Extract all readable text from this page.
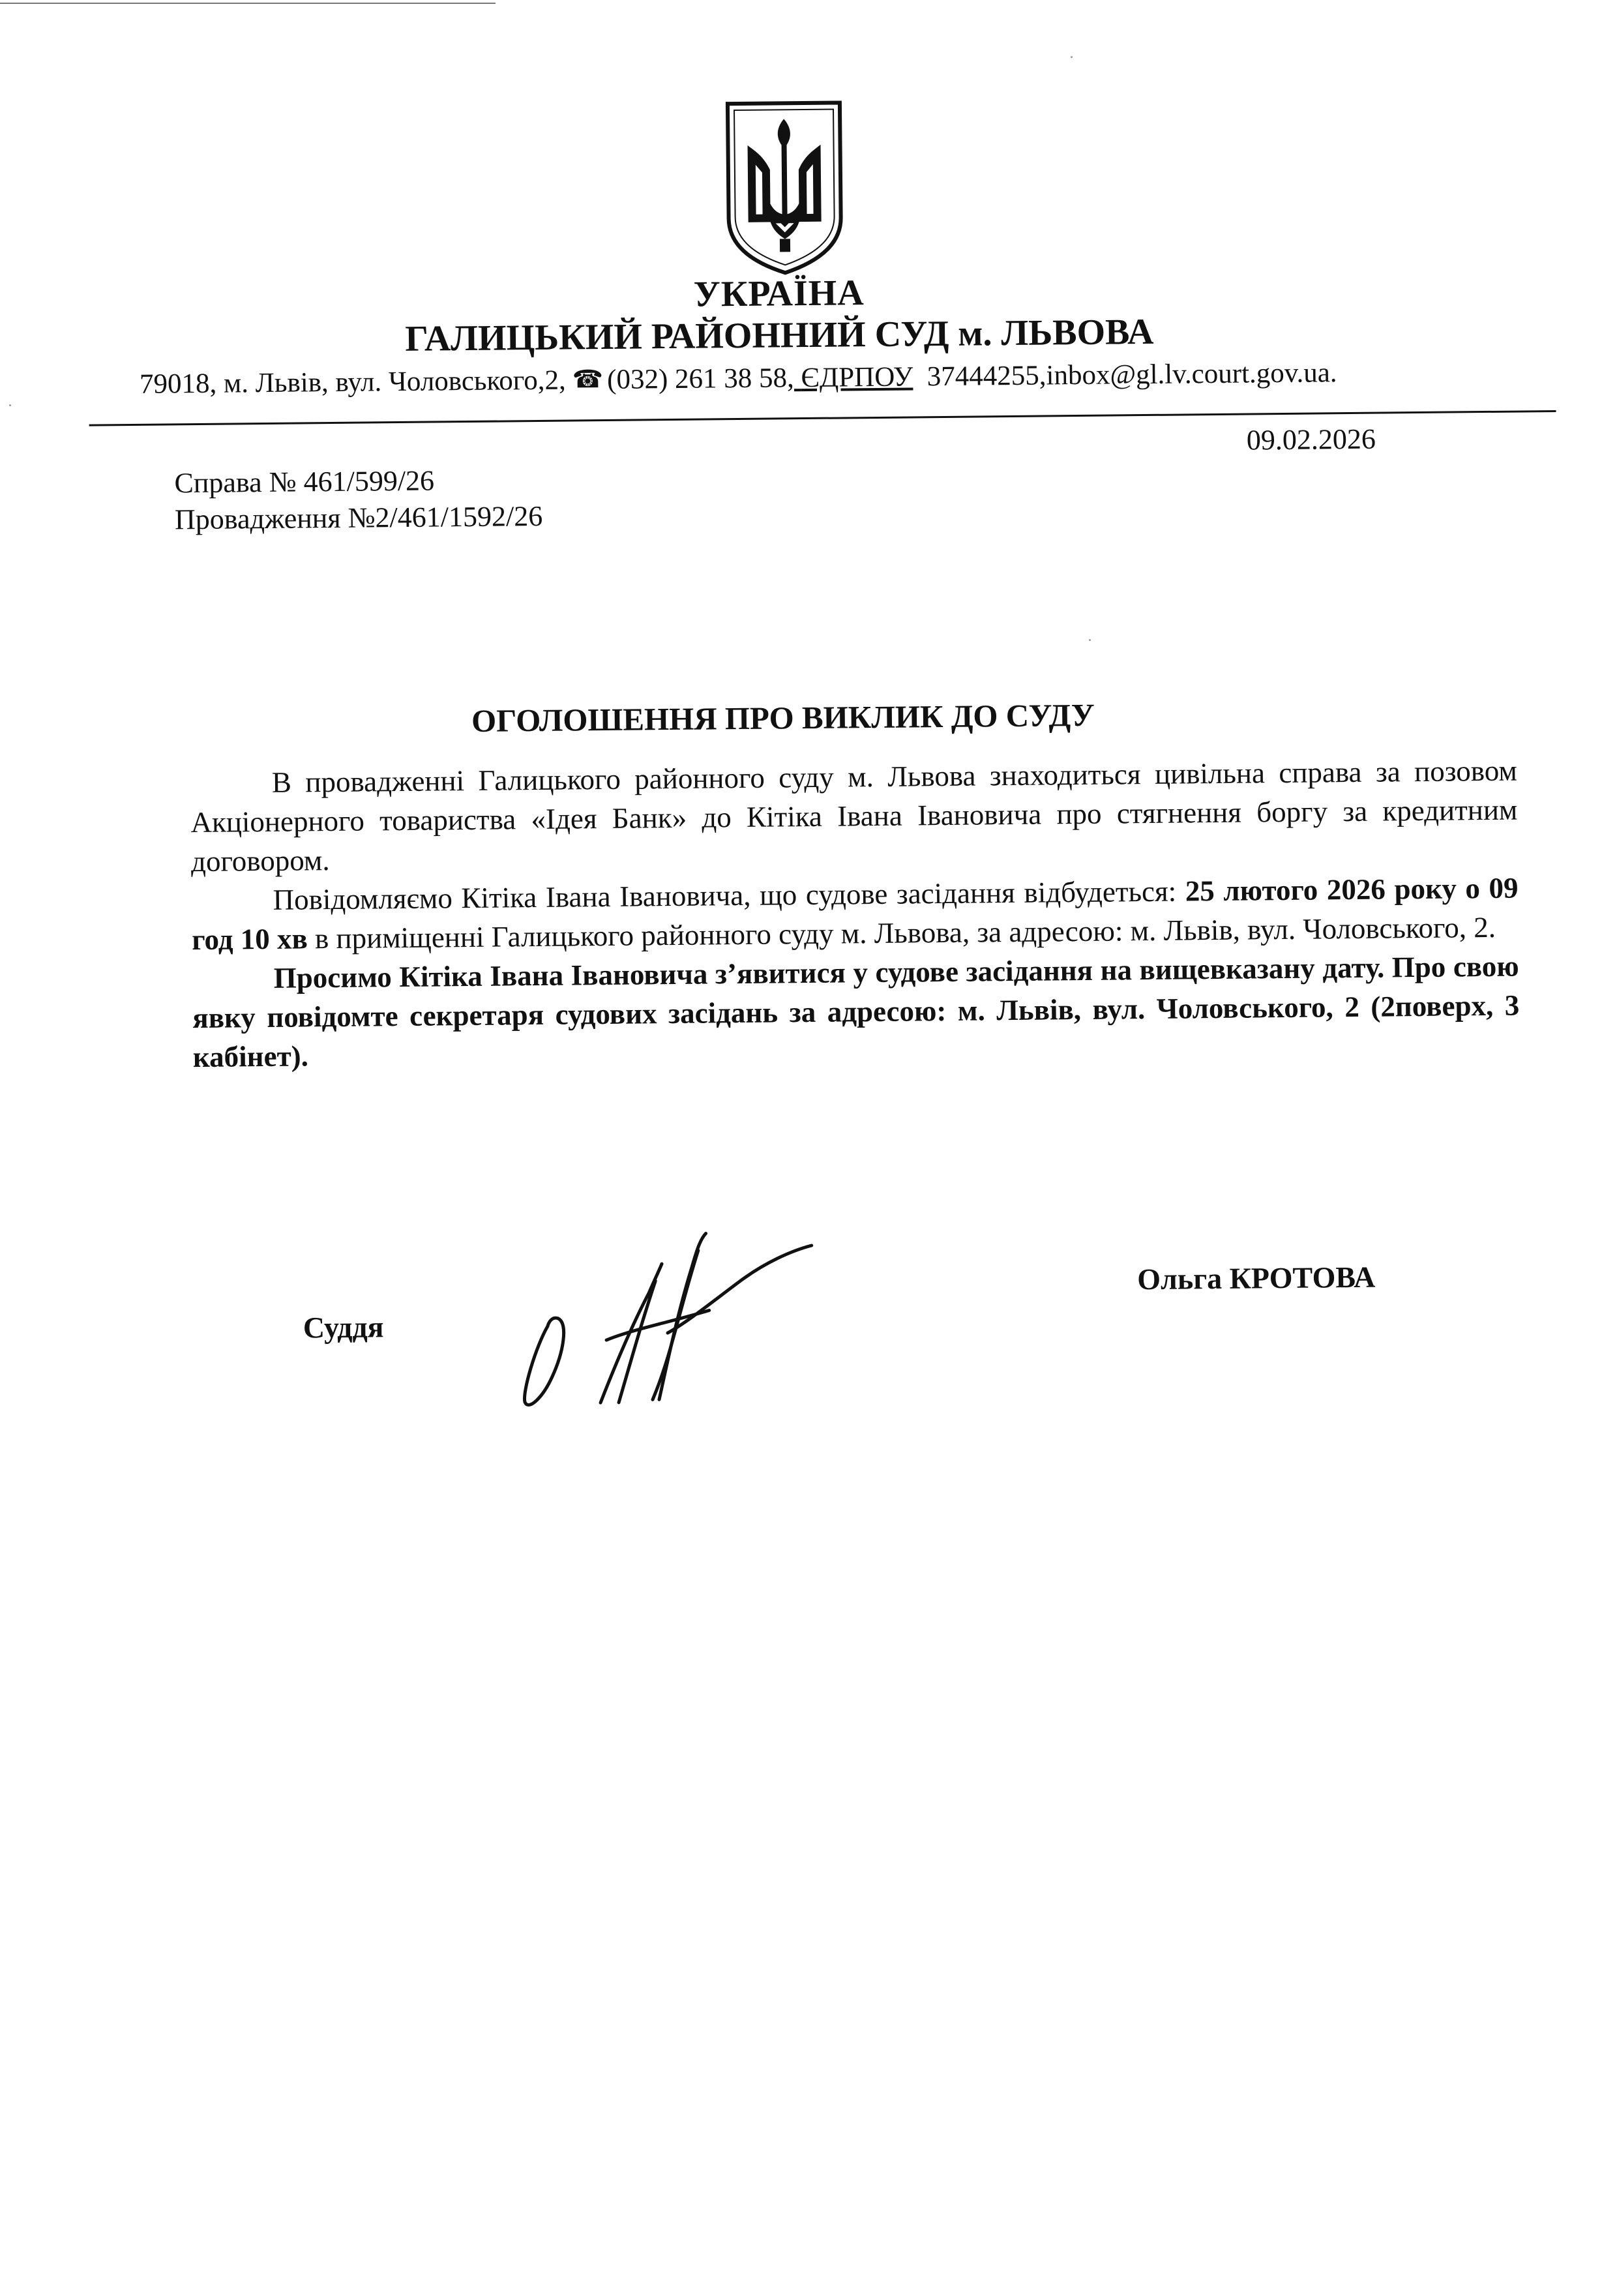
УКРАЇНА
ГАЛИЦЬКИЙ РАЙОННИЙ СУД м. ЛЬВОВА
79018, м. Львів, вул. Чоловського,2, ☎ (032) 261 38 58, ЄДРПОУ 37444255,inbox@gl.lv.court.gov.ua.
09.02.2026
Справа № 461/599/26
Провадження №2/461/1592/26
ОГОЛОШЕННЯ ПРО ВИКЛИК ДО СУДУ

В провадженні Галицького районного суду м. Львова знаходиться цивільна справа за позовом Акціонерного товариства «Ідея Банк» до Кітіка Івана Івановича про стягнення боргу за кредитним договором.

Повідомляємо Кітіка Івана Івановича, що судове засідання відбудеться: 25 лютого 2026 року о 09 год 10 хв в приміщенні Галицького районного суду м. Львова, за адресою: м. Львів, вул. Чоловського, 2.

Просимо Кітіка Івана Івановича з’явитися у судове засідання на вищевказану дату. Про свою явку повідомте секретаря судових засідань за адресою: м. Львів, вул. Чоловського, 2 (2поверх, 3 кабінет).

Суддя
Ольга КРОТОВА
